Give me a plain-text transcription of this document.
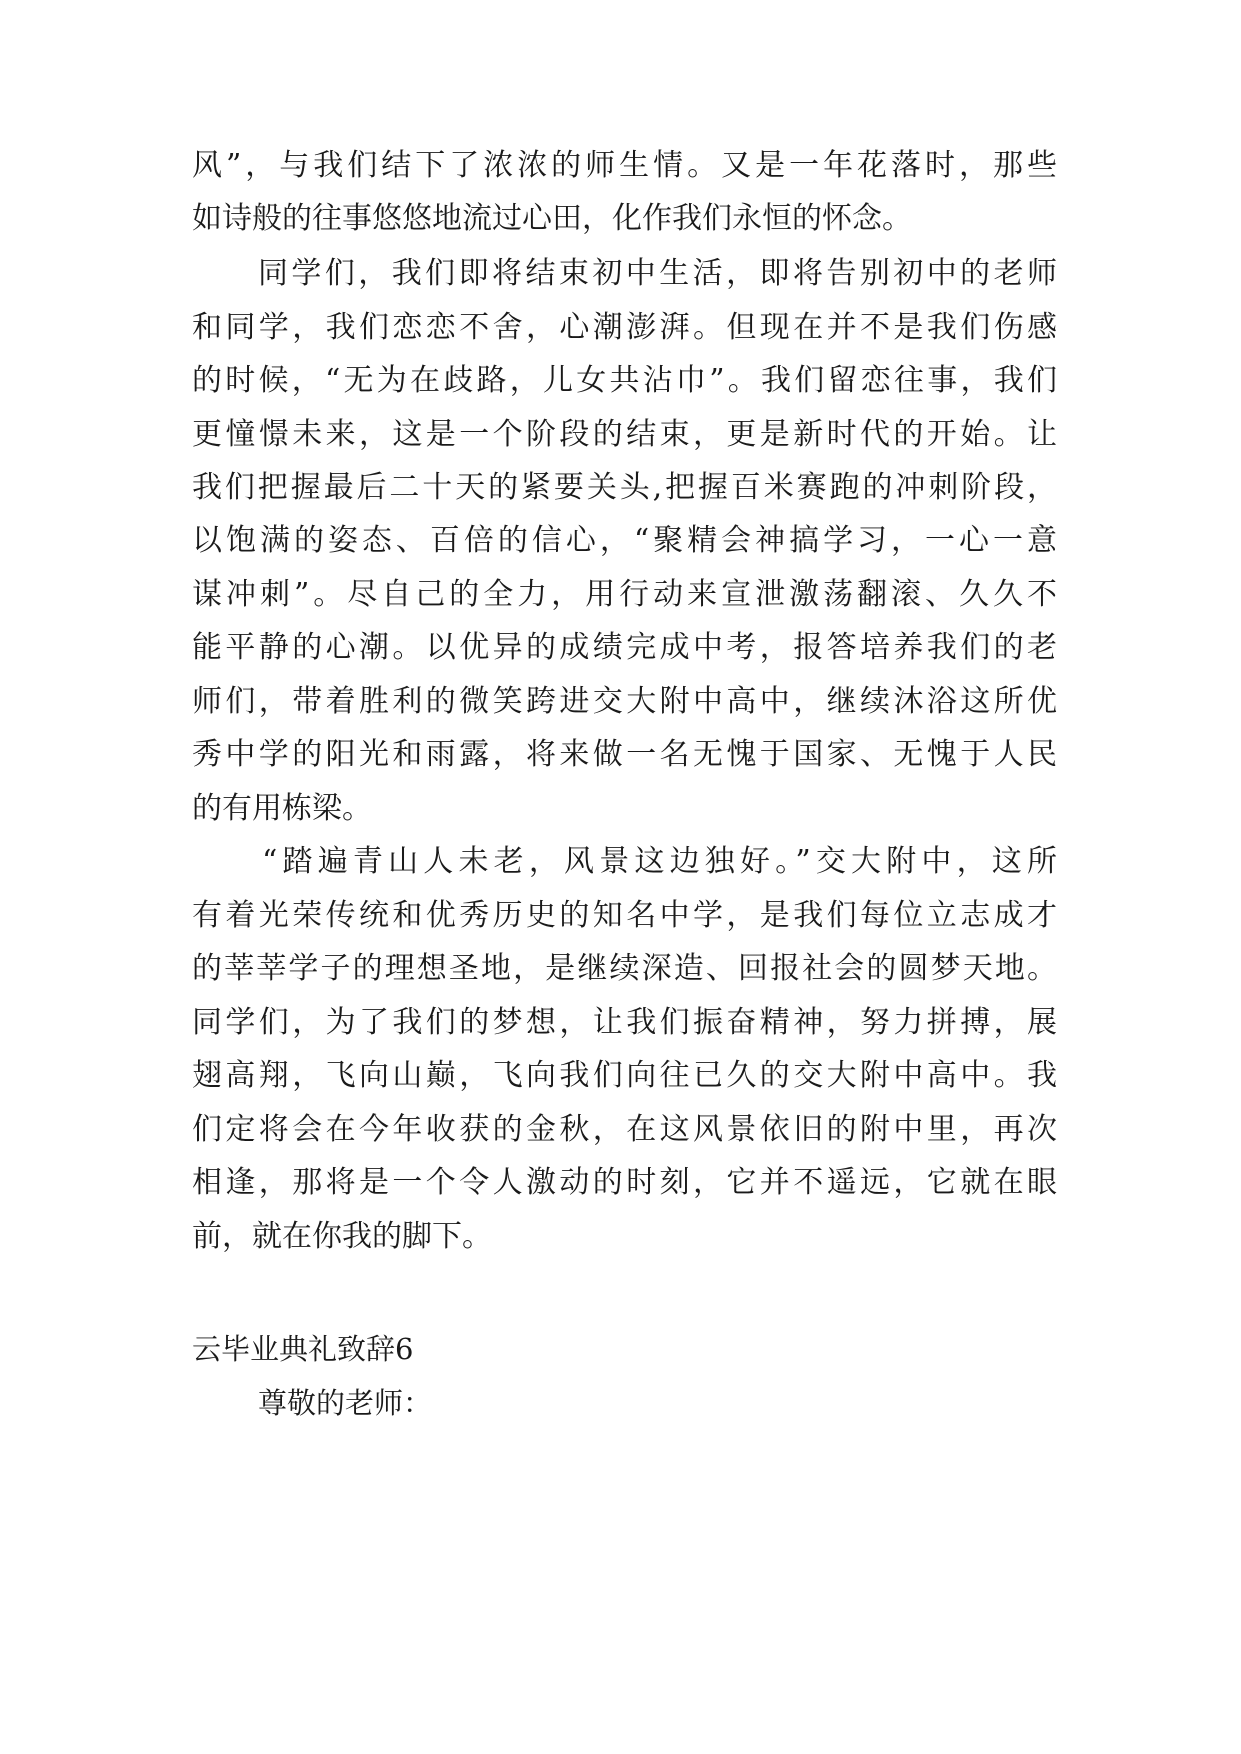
风”，与我们结下了浓浓的师生情。又是一年花落时，那些
如诗般的往事悠悠地流过心田，化作我们永恒的怀念。
同学们，我们即将结束初中生活，即将告别初中的老师
和同学，我们恋恋不舍，心潮澎湃。但现在并不是我们伤感
的时候，“无为在歧路，儿女共沾巾”。我们留恋往事，我们
更憧憬未来，这是一个阶段的结束，更是新时代的开始。让
我们把握最后二十天的紧要关头,把握百米赛跑的冲刺阶段，
以饱满的姿态、百倍的信心，“聚精会神搞学习，一心一意
谋冲刺”。尽自己的全力，用行动来宣泄激荡翻滚、久久不
能平静的心潮。以优异的成绩完成中考，报答培养我们的老
师们，带着胜利的微笑跨进交大附中高中，继续沐浴这所优
秀中学的阳光和雨露，将来做一名无愧于国家、无愧于人民
的有用栋梁。
“踏遍青山人未老，风景这边独好。”交大附中，这所
有着光荣传统和优秀历史的知名中学，是我们每位立志成才
的莘莘学子的理想圣地，是继续深造、回报社会的圆梦天地。
同学们，为了我们的梦想，让我们振奋精神，努力拼搏，展
翅高翔，飞向山巅，飞向我们向往已久的交大附中高中。我
们定将会在今年收获的金秋，在这风景依旧的附中里，再次
相逢，那将是一个令人激动的时刻，它并不遥远，它就在眼
前，就在你我的脚下。
云毕业典礼致辞6
尊敬的老师：
